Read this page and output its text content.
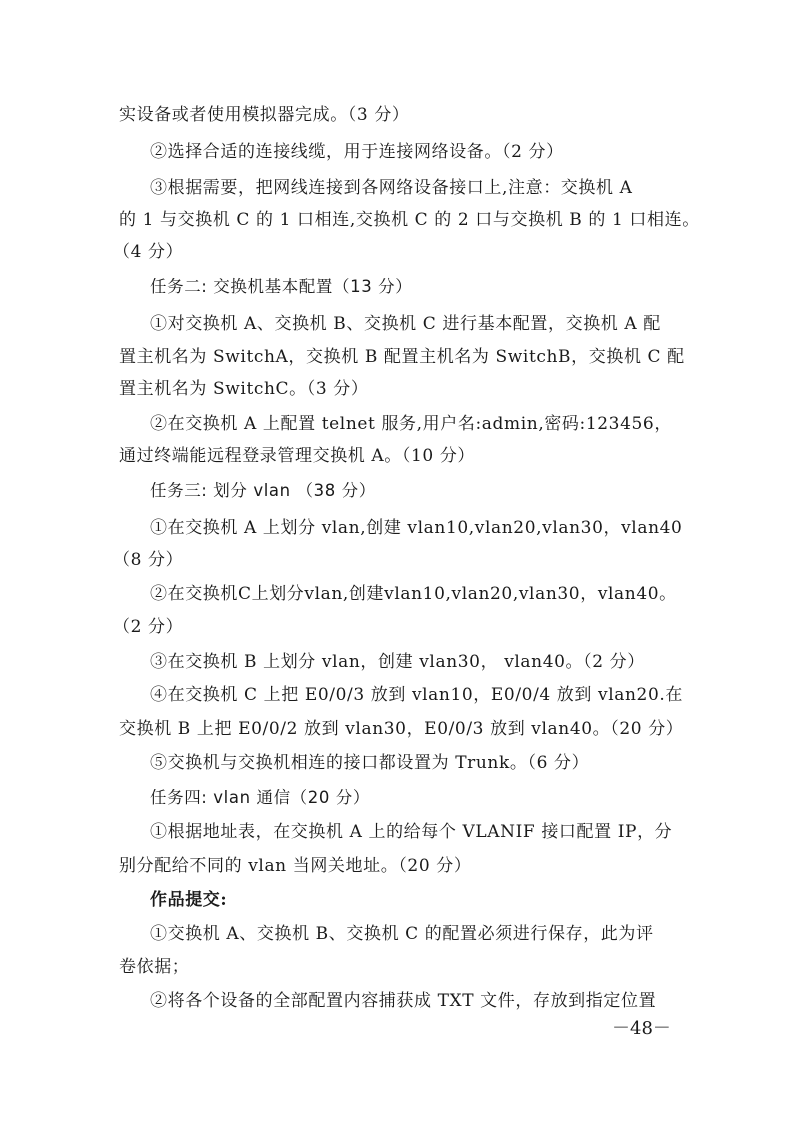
实设备或者使用模拟器完成。（3 分）
②选择合适的连接线缆，用于连接网络设备。（2 分）
③根据需要，把网线连接到各网络设备接口上,注意：交换机 A
的 1 与交换机 C 的 1 口相连,交换机 C 的 2 口与交换机 B 的 1 口相连。
（4 分）
任务二: 交换机基本配置（13 分）
①对交换机 A、交换机 B、交换机 C 进行基本配置，交换机 A 配
置主机名为 SwitchA，交换机 B 配置主机名为 SwitchB，交换机 C 配
置主机名为 SwitchC。（3 分）
②在交换机 A 上配置 telnet 服务,用户名:admin,密码:123456，
通过终端能远程登录管理交换机 A。（10 分）
任务三: 划分 vlan （38 分）
①在交换机 A 上划分 vlan,创建 vlan10,vlan20,vlan30，vlan40
（8 分）
②在交换机C上划分vlan,创建vlan10,vlan20,vlan30，vlan40。
（2 分）
③在交换机 B 上划分 vlan，创建 vlan30， vlan40。（2 分）
④在交换机 C 上把 E0/0/3 放到 vlan10，E0/0/4 放到 vlan20.在
交换机 B 上把 E0/0/2 放到 vlan30，E0/0/3 放到 vlan40。（20 分）
⑤交换机与交换机相连的接口都设置为 Trunk。（6 分）
任务四: vlan 通信（20 分）
①根据地址表，在交换机 A 上的给每个 VLANIF 接口配置 IP，分
别分配给不同的 vlan 当网关地址。（20 分）
作品提交:
①交换机 A、交换机 B、交换机 C 的配置必须进行保存，此为评
卷依据；
②将各个设备的全部配置内容捕获成 TXT 文件，存放到指定位置
－48－
